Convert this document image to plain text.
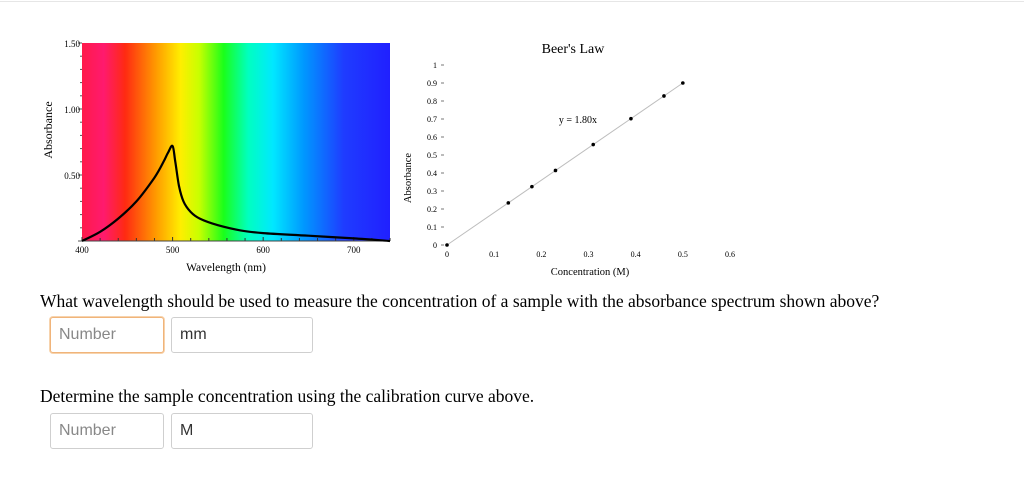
1.50
1.00
0.50
400	500	600	700
Wavelength (nm)
Absorbance
Beer's Law
0
0.1
0.2
0.3
0.4
0.5
0.6
0.7
0.8
0.9
1
0	0.1	0.2	0.3	0.4	0.5	0.6
y = 1.80x
Concentration (M)
Absorbance
What wavelength should be used to measure the concentration of a sample with the absorbance spectrum shown above?
Number
mm
Determine the sample concentration using the calibration curve above.
Number
M
